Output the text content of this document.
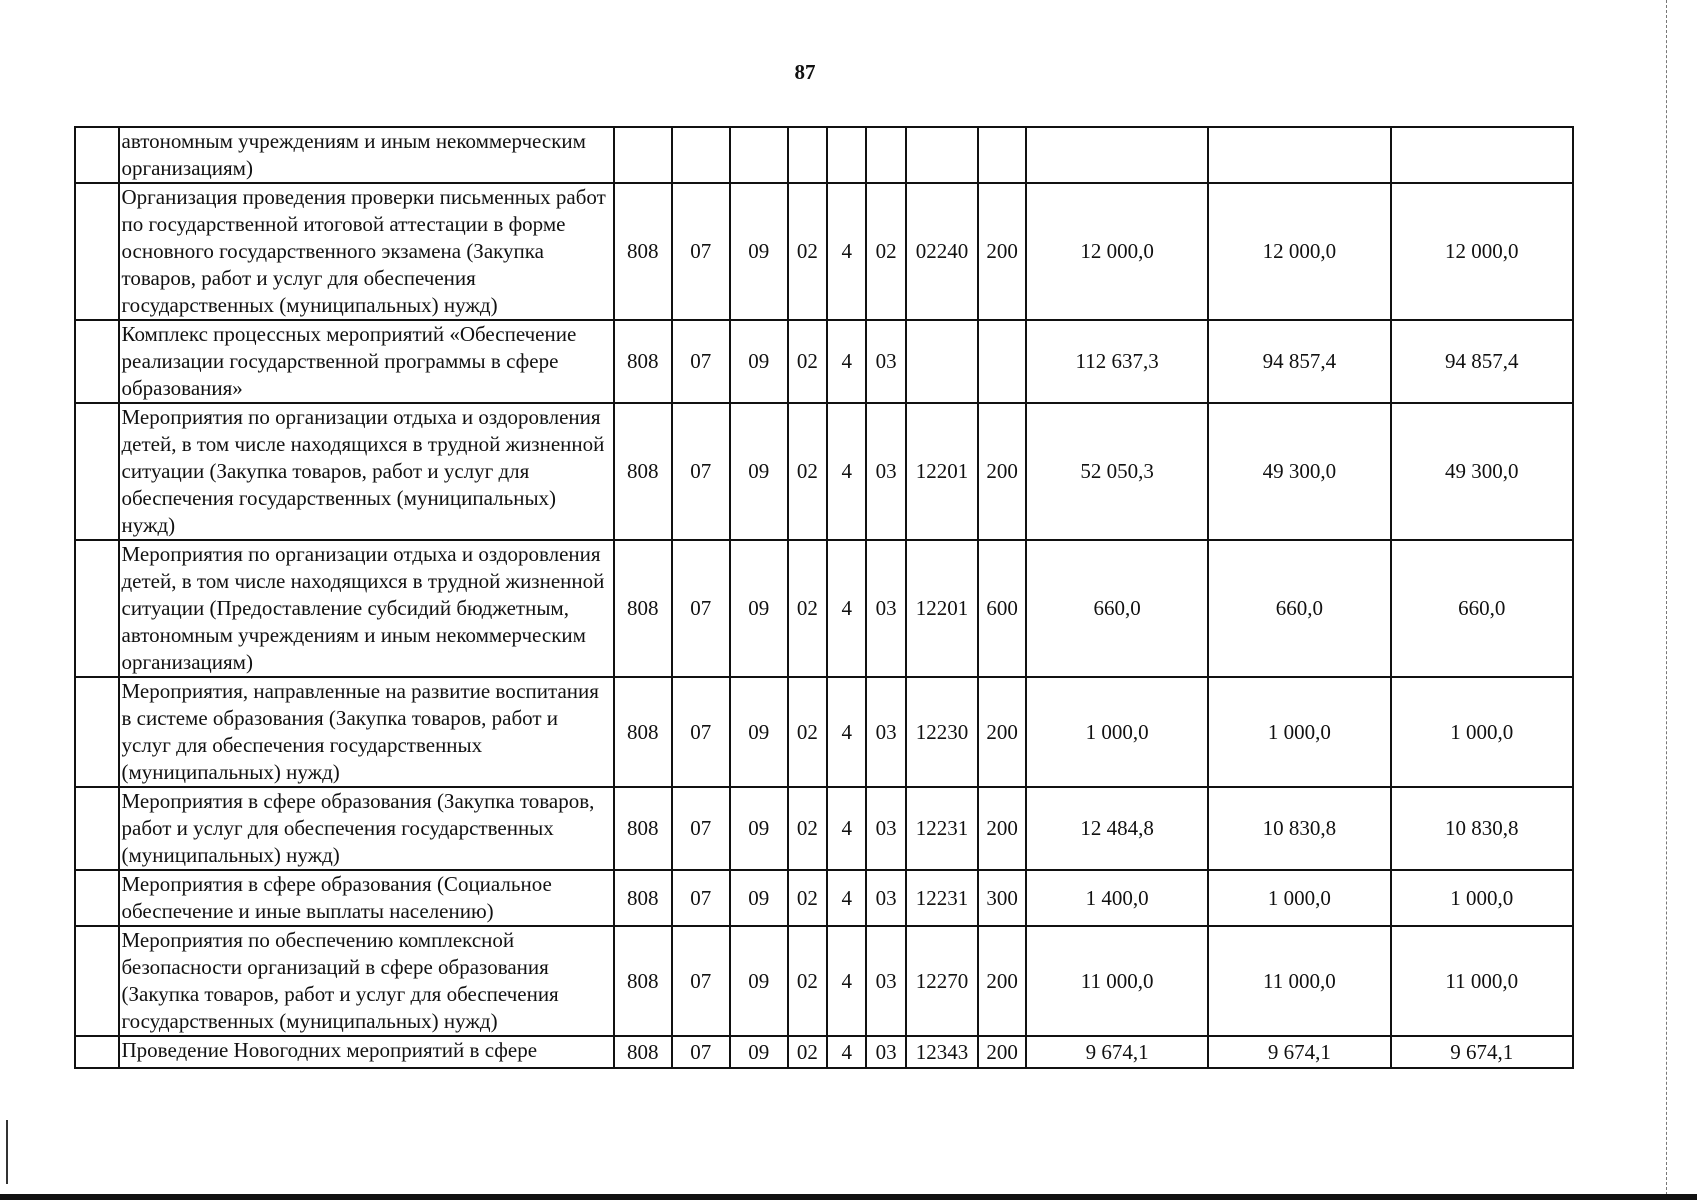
87
	автономным учреждениям и иным некоммерческим организациям)											
	Организация проведения проверки письменных работ по государственной итоговой аттестации в форме основного государственного экзамена (Закупка товаров, работ и услуг для обеспечения государственных (муниципальных) нужд)	808	07	09	02	4	02	02240	200	12 000,0	12 000,0	12 000,0
	Комплекс процессных мероприятий «Обеспечение реализации государственной программы в сфере образования»	808	07	09	02	4	03			112 637,3	94 857,4	94 857,4
	Мероприятия по организации отдыха и оздоровления детей, в том числе находящихся в трудной жизненной ситуации (Закупка товаров, работ и услуг для обеспечения государственных (муниципальных) нужд)	808	07	09	02	4	03	12201	200	52 050,3	49 300,0	49 300,0
	Мероприятия по организации отдыха и оздоровления детей, в том числе находящихся в трудной жизненной ситуации (Предоставление субсидий бюджетным, автономным учреждениям и иным некоммерческим организациям)	808	07	09	02	4	03	12201	600	660,0	660,0	660,0
	Мероприятия, направленные на развитие воспитания в системе образования (Закупка товаров, работ и услуг для обеспечения государственных (муниципальных) нужд)	808	07	09	02	4	03	12230	200	1 000,0	1 000,0	1 000,0
	Мероприятия в сфере образования (Закупка товаров, работ и услуг для обеспечения государственных (муниципальных) нужд)	808	07	09	02	4	03	12231	200	12 484,8	10 830,8	10 830,8
	Мероприятия в сфере образования (Социальное обеспечение и иные выплаты населению)	808	07	09	02	4	03	12231	300	1 400,0	1 000,0	1 000,0
	Мероприятия по обеспечению комплексной безопасности организаций в сфере образования (Закупка товаров, работ и услуг для обеспечения государственных (муниципальных) нужд)	808	07	09	02	4	03	12270	200	11 000,0	11 000,0	11 000,0
	Проведение Новогодних мероприятий в сфере	808	07	09	02	4	03	12343	200	9 674,1	9 674,1	9 674,1
